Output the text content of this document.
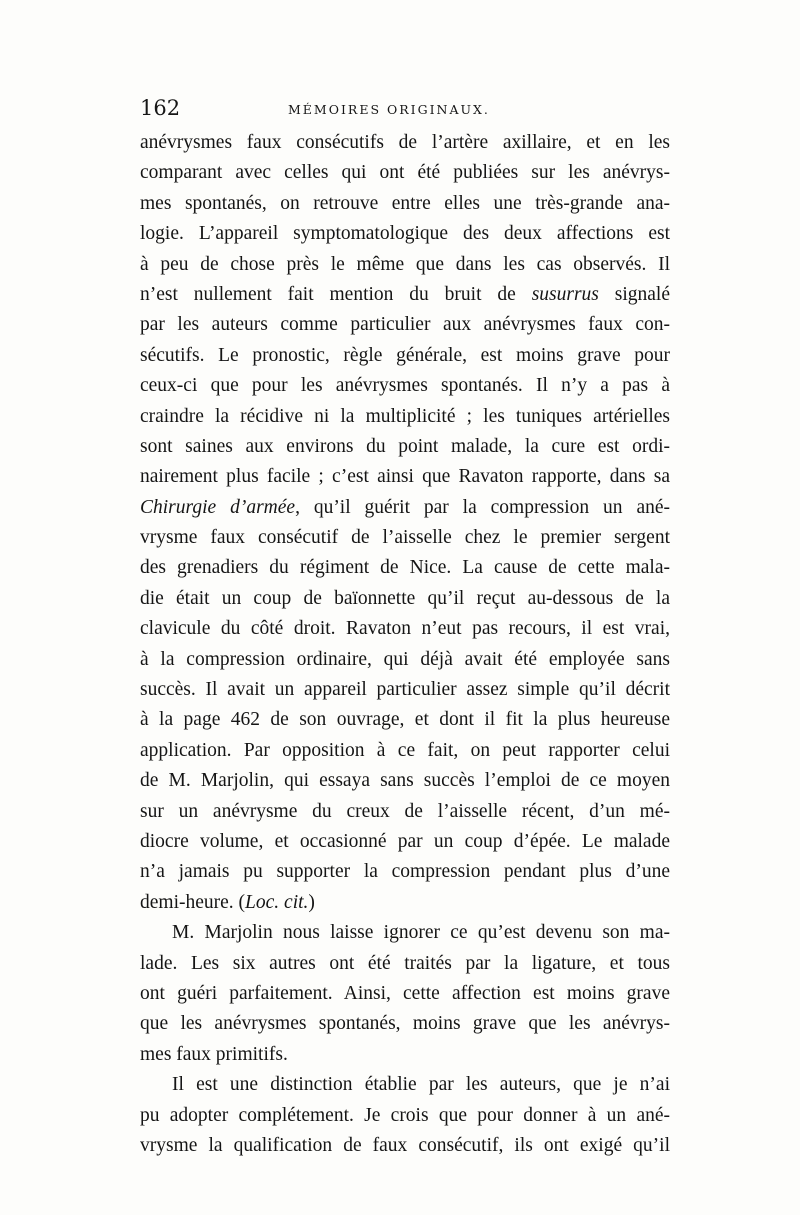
162	MÉMOIRES ORIGINAUX.
anévrysmes faux consécutifs de l’artère axillaire, et en les
comparant avec celles qui ont été publiées sur les anévrys-
mes spontanés, on retrouve entre elles une très-grande ana-
logie. L’appareil symptomatologique des deux affections est
à peu de chose près le même que dans les cas observés. Il
n’est nullement fait mention du bruit de susurrus signalé
par les auteurs comme particulier aux anévrysmes faux con-
sécutifs. Le pronostic, règle générale, est moins grave pour
ceux-ci que pour les anévrysmes spontanés. Il n’y a pas à
craindre la récidive ni la multiplicité ; les tuniques artérielles
sont saines aux environs du point malade, la cure est ordi-
nairement plus facile ; c’est ainsi que Ravaton rapporte, dans sa
Chirurgie d’armée, qu’il guérit par la compression un ané-
vrysme faux consécutif de l’aisselle chez le premier sergent
des grenadiers du régiment de Nice. La cause de cette mala-
die était un coup de baïonnette qu’il reçut au-dessous de la
clavicule du côté droit. Ravaton n’eut pas recours, il est vrai,
à la compression ordinaire, qui déjà avait été employée sans
succès. Il avait un appareil particulier assez simple qu’il décrit
à la page 462 de son ouvrage, et dont il fit la plus heureuse
application. Par opposition à ce fait, on peut rapporter celui
de M. Marjolin, qui essaya sans succès l’emploi de ce moyen
sur un anévrysme du creux de l’aisselle récent, d’un mé-
diocre volume, et occasionné par un coup d’épée. Le malade
n’a jamais pu supporter la compression pendant plus d’une
demi-heure. (Loc. cit.)
M. Marjolin nous laisse ignorer ce qu’est devenu son ma-
lade. Les six autres ont été traités par la ligature, et tous
ont guéri parfaitement. Ainsi, cette affection est moins grave
que les anévrysmes spontanés, moins grave que les anévrys-
mes faux primitifs.
Il est une distinction établie par les auteurs, que je n’ai
pu adopter complétement. Je crois que pour donner à un ané-
vrysme la qualification de faux consécutif, ils ont exigé qu’il
